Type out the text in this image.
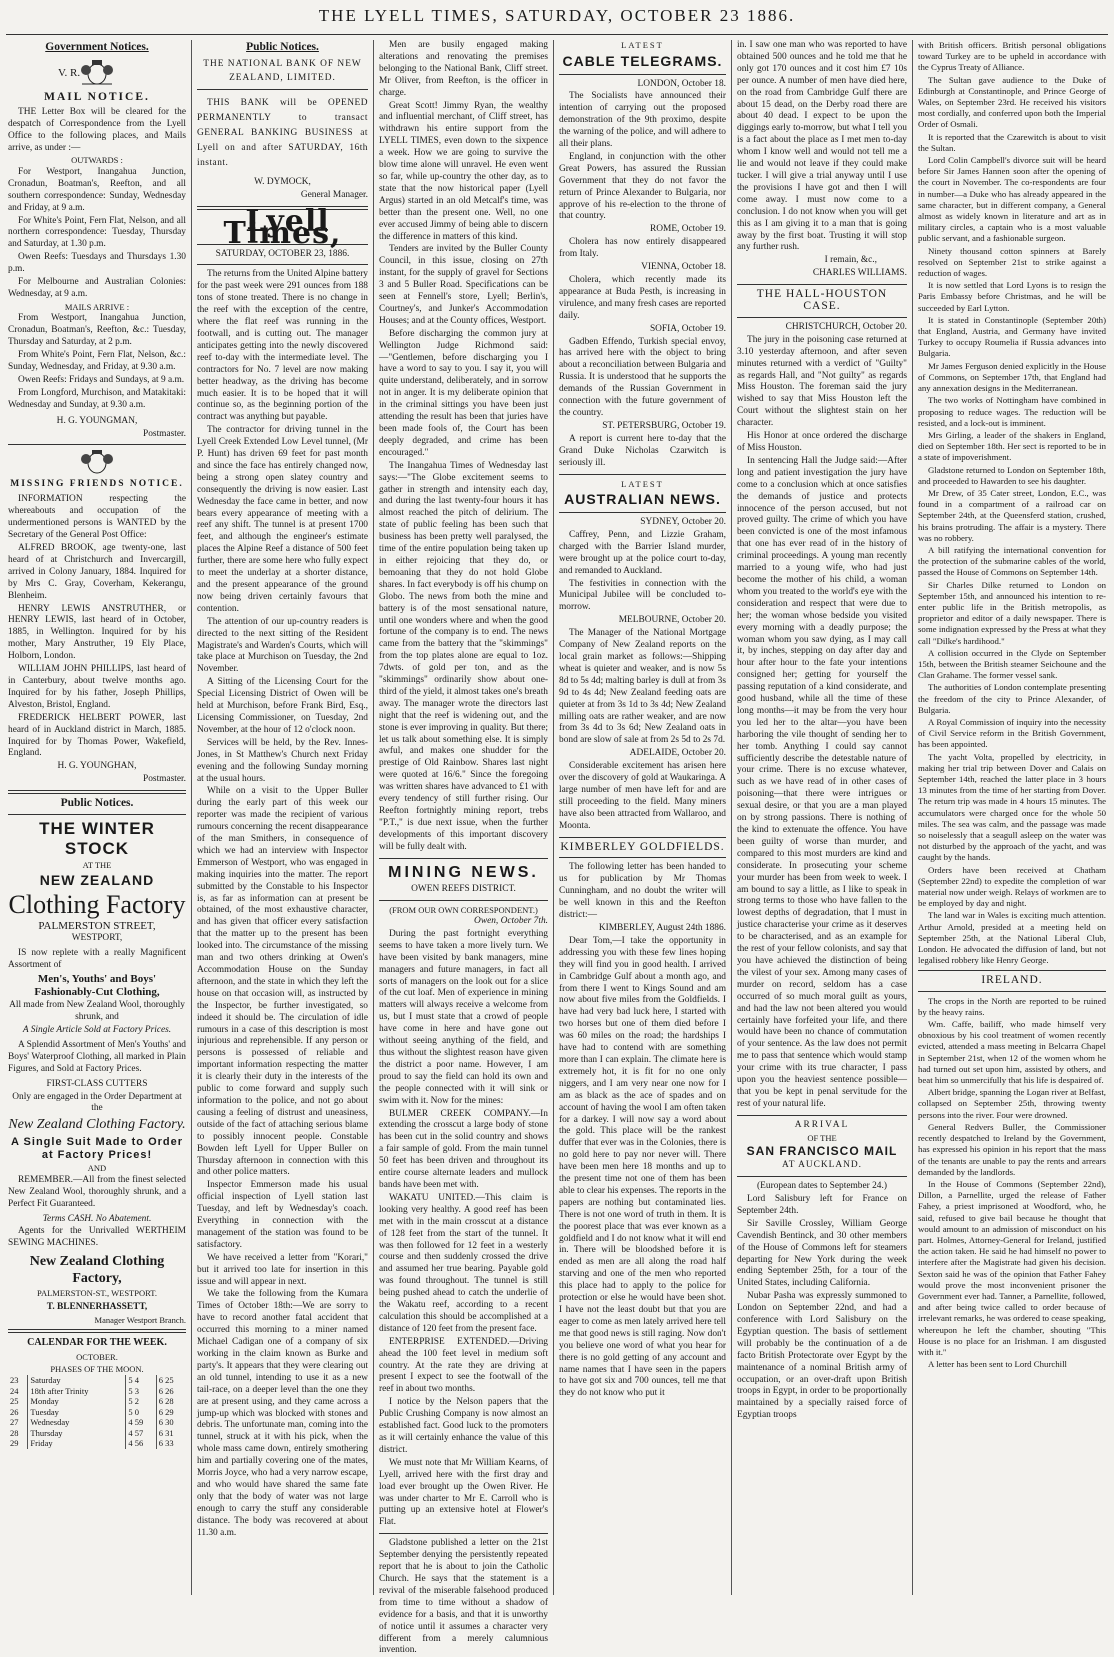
THE LYELL TIMES, SATURDAY, OCTOBER 23 1886.

Government Notices.

V. R.

MAIL NOTICE.

THE Letter Box will be cleared for the despatch of Correspondence from the Lyell Office to the following places, and Mails arrive, as under :—

OUTWARDS :

For Westport, Inangahua Junction, Cronadun, Boatman's, Reefton, and all southern correspondence: Sunday, Wednesday and Friday, at 9 a.m.

For White's Point, Fern Flat, Nelson, and all northern correspondence: Tuesday, Thursday and Saturday, at 1.30 p.m.

Owen Reefs: Tuesdays and Thursdays 1.30 p.m.

For Melbourne and Australian Colonies: Wednesday, at 9 a.m.

MAILS ARRIVE :

From Westport, Inangahua Junction, Cronadun, Boatman's, Reefton, &c.: Tuesday, Thursday and Saturday, at 2 p.m.

From White's Point, Fern Flat, Nelson, &c.: Sunday, Wednesday, and Friday, at 9.30 a.m.

Owen Reefs: Fridays and Sundays, at 9 a.m.

From Longford, Murchison, and Matakitaki: Wednesday and Sunday, at 9.30 a.m.

H. G. YOUNGMAN,

Postmaster.

MISSING FRIENDS NOTICE.

INFORMATION respecting the whereabouts and occupation of the undermentioned persons is WANTED by the Secretary of the General Post Office:

ALFRED BROOK, age twenty-one, last heard of at Christchurch and Invercargill, arrived in Colony January, 1884. Inquired for by Mrs C. Gray, Coverham, Kekerangu, Blenheim.

HENRY LEWIS ANSTRUTHER, or HENRY LEWIS, last heard of in October, 1885, in Wellington. Inquired for by his mother, Mary Anstruther, 19 Ely Place, Holborn, London.

WILLIAM JOHN PHILLIPS, last heard of in Canterbury, about twelve months ago. Inquired for by his father, Joseph Phillips, Alveston, Bristol, England.

FREDERICK HELBERT POWER, last heard of in Auckland district in March, 1885. Inquired for by Thomas Power, Wakefield, England.

H. G. YOUNGHAN,

Postmaster.

Public Notices.

THE WINTER STOCK

AT THE

NEW ZEALAND

Clothing Factory

PALMERSTON STREET,

WESTPORT,

IS now replete with a really Magnificent Assortment of

Men's, Youths' and Boys' Fashionably-Cut Clothing,

All made from New Zealand Wool, thoroughly shrunk, and

A Single Article Sold at Factory Prices.

A Splendid Assortment of Men's Youths' and Boys' Waterproof Clothing, all marked in Plain Figures, and Sold at Factory Prices.

FIRST-CLASS CUTTERS

Only are engaged in the Order Department at the

New Zealand Clothing Factory.

A Single Suit Made to Order at Factory Prices!

AND

REMEMBER.—All from the finest selected New Zealand Wool, thoroughly shrunk, and a Perfect Fit Guaranteed.

Terms CASH. No Abatement.

Agents for the Unrivalled WERTHEIM SEWING MACHINES.

New Zealand Clothing Factory,

PALMERSTON-ST., WESTPORT.

T. BLENNERHASSETT,

Manager Westport Branch.

CALENDAR FOR THE WEEK.

OCTOBER.

PHASES OF THE MOON.

23	Saturday	5 4	6 25
24	18th after Trinity	5 3	6 26
25	Monday	5 2	6 28
26	Tuesday	5 0	6 29
27	Wednesday	4 59	6 30
28	Thursday	4 57	6 31
29	Friday	4 56	6 33

Public Notices.

THE NATIONAL BANK OF NEW ZEALAND, LIMITED.

THIS BANK will be OPENED PERMANENTLY to transact GENERAL BANKING BUSINESS at Lyell on and after SATURDAY, 16th instant.

W. DYMOCK,

General Manager.

Lyell Times,

SATURDAY, OCTOBER 23, 1886.

The returns from the United Alpine battery for the past week were 291 ounces from 188 tons of stone treated. There is no change in the reef with the exception of the centre, where the flat reef was running in the footwall, and is cutting out. The manager anticipates getting into the newly discovered reef to-day with the intermediate level. The contractors for No. 7 level are now making better headway, as the driving has become much easier. It is to be hoped that it will continue so, as the beginning portion of the contract was anything but payable.

The contractor for driving tunnel in the Lyell Creek Extended Low Level tunnel, (Mr P. Hunt) has driven 69 feet for past month and since the face has entirely changed now, being a strong open slatey country and consequently the driving is now easier. Last Wednesday the face came in better, and now bears every appearance of meeting with a reef any shift. The tunnel is at present 1700 feet, and although the engineer's estimate places the Alpine Reef a distance of 500 feet further, there are some here who fully expect to meet the underlay at a shorter distance, and the present appearance of the ground now being driven certainly favours that contention.

The attention of our up-country readers is directed to the next sitting of the Resident Magistrate's and Warden's Courts, which will take place at Murchison on Tuesday, the 2nd November.

A Sitting of the Licensing Court for the Special Licensing District of Owen will be held at Murchison, before Frank Bird, Esq., Licensing Commissioner, on Tuesday, 2nd November, at the hour of 12 o'clock noon.

Services will be held, by the Rev. Innes-Jones, in St Matthew's Church next Friday evening and the following Sunday morning at the usual hours.

While on a visit to the Upper Buller during the early part of this week our reporter was made the recipient of various rumours concerning the recent disappearance of the man Smithers, in consequence of which we had an interview with Inspector Emmerson of Westport, who was engaged in making inquiries into the matter. The report submitted by the Constable to his Inspector is, as far as information can at present be obtained, of the most exhaustive character, and has given that officer every satisfaction that the matter up to the present has been looked into. The circumstance of the missing man and two others drinking at Owen's Accommodation House on the Sunday afternoon, and the state in which they left the house on that occasion will, as instructed by the Inspector, be further investigated, so indeed it should be. The circulation of idle rumours in a case of this description is most injurious and reprehensible. If any person or persons is possessed of reliable and important information respecting the matter it is clearly their duty in the interests of the public to come forward and supply such information to the police, and not go about causing a feeling of distrust and uneasiness, outside of the fact of attaching serious blame to possibly innocent people. Constable Bowden left Lyell for Upper Buller on Thursday afternoon in connection with this and other police matters.

Inspector Emmerson made his usual official inspection of Lyell station last Tuesday, and left by Wednesday's coach. Everything in connection with the management of the station was found to be satisfactory.

We have received a letter from "Korari," but it arrived too late for insertion in this issue and will appear in next.

We take the following from the Kumara Times of October 18th:—We are sorry to have to record another fatal accident that occurred this morning to a miner named Michael Cadigan one of a company of six working in the claim known as Burke and party's. It appears that they were clearing out an old tunnel, intending to use it as a new tail-race, on a deeper level than the one they are at present using, and they came across a jump-up which was blocked with stones and debris. The unfortunate man, coming into the tunnel, struck at it with his pick, when the whole mass came down, entirely smothering him and partially covering one of the mates, Morris Joyce, who had a very narrow escape, and who would have shared the same fate only that the body of water was not large enough to carry the stuff any considerable distance. The body was recovered at about 11.30 a.m.

Men are busily engaged making alterations and renovating the premises belonging to the National Bank, Cliff street. Mr Oliver, from Reefton, is the officer in charge.

Great Scott! Jimmy Ryan, the wealthy and influential merchant, of Cliff street, has withdrawn his entire support from the LYELL TIMES, even down to the sixpence a week. How we are going to survive the blow time alone will unravel. He even went so far, while up-country the other day, as to state that the now historical paper (Lyell Argus) started in an old Metcalf's time, was better than the present one. Well, no one ever accused Jimmy of being able to discern the difference in matters of this kind.

Tenders are invited by the Buller County Council, in this issue, closing on 27th instant, for the supply of gravel for Sections 3 and 5 Buller Road. Specifications can be seen at Fennell's store, Lyell; Berlin's, Courtney's, and Junker's Accommodation Houses; and at the County offices, Westport.

Before discharging the common jury at Wellington Judge Richmond said:—"Gentlemen, before discharging you I have a word to say to you. I say it, you will quite understand, deliberately, and in sorrow not in anger. It is my deliberate opinion that in the criminal sittings you have been just attending the result has been that juries have been made fools of, the Court has been deeply degraded, and crime has been encouraged."

The Inangahua Times of Wednesday last says:—"The Globe excitement seems to gather in strength and intensity each day, and during the last twenty-four hours it has almost reached the pitch of delirium. The state of public feeling has been such that business has been pretty well paralysed, the time of the entire population being taken up in either rejoicing that they do, or bemoaning that they do not hold Globe shares. In fact everybody is off his chump on Globo. The news from both the mine and battery is of the most sensational nature, until one wonders where and when the good fortune of the company is to end. The news came from the battery that the "skimmings" from the top plates alone are equal to 1oz. 7dwts. of gold per ton, and as the "skimmings" ordinarily show about one-third of the yield, it almost takes one's breath away. The manager wrote the directors last night that the reef is widening out, and the stone is ever improving in quality. But there; let us talk about something else. It is simply awful, and makes one shudder for the prestige of Old Rainbow. Shares last night were quoted at 16/6." Since the foregoing was written shares have advanced to £1 with every tendency of still further rising. Our Reefton fortnightly mining report, trebs "P.T.," is due next issue, when the further developments of this important discovery will be fully dealt with.

MINING NEWS.

OWEN REEFS DISTRICT.

(FROM OUR OWN CORRESPONDENT.)

Owen, October 7th.

During the past fortnight everything seems to have taken a more lively turn. We have been visited by bank managers, mine managers and future managers, in fact all sorts of managers on the look out for a slice of the cut loaf. Men of experience in mining matters will always receive a welcome from us, but I must state that a crowd of people have come in here and have gone out without seeing anything of the field, and thus without the slightest reason have given the district a poor name. However, I am proud to say the field can hold its own and the people connected with it will sink or swim with it. Now for the mines:

BULMER CREEK COMPANY.—In extending the crosscut a large body of stone has been cut in the solid country and shows a fair sample of gold. From the main tunnel 50 feet has been driven and throughout its entire course alternate leaders and mullock bands have been met with.

WAKATU UNITED.—This claim is looking very healthy. A good reef has been met with in the main crosscut at a distance of 128 feet from the start of the tunnel. It was then followed for 12 feet in a westerly course and then suddenly crossed the drive and assumed her true bearing. Payable gold was found throughout. The tunnel is still being pushed ahead to catch the underlie of the Wakatu reef, according to a recent calculation this should be accomplished at a distance of 120 feet from the present face.

ENTERPRISE EXTENDED.—Driving ahead the 100 feet level in medium soft country. At the rate they are driving at present I expect to see the footwall of the reef in about two months.

I notice by the Nelson papers that the Public Crushing Company is now almost an established fact. Good luck to the promoters as it will certainly enhance the value of this district.

We must note that Mr William Kearns, of Lyell, arrived here with the first dray and load ever brought up the Owen River. He was under charter to Mr E. Carroll who is putting up an extensive hotel at Flower's Flat.

Gladstone published a letter on the 21st September denying the persistently repeated report that he is about to join the Catholic Church. He says that the statement is a revival of the miserable falsehood produced from time to time without a shadow of evidence for a basis, and that it is unworthy of notice until it assumes a character very different from a merely calumnious invention.

LATEST

CABLE TELEGRAMS.

LONDON, October 18.

The Socialists have announced their intention of carrying out the proposed demonstration of the 9th proximo, despite the warning of the police, and will adhere to all their plans.

England, in conjunction with the other Great Powers, has assured the Russian Government that they do not favor the return of Prince Alexander to Bulgaria, nor approve of his re-election to the throne of that country.

ROME, October 19.

Cholera has now entirely disappeared from Italy.

VIENNA, October 18.

Cholera, which recently made its appearance at Buda Pesth, is increasing in virulence, and many fresh cases are reported daily.

SOFIA, October 19.

Gadben Effendo, Turkish special envoy, has arrived here with the object to bring about a reconciliation between Bulgaria and Russia. It is understood that he supports the demands of the Russian Government in connection with the future government of the country.

ST. PETERSBURG, October 19.

A report is current here to-day that the Grand Duke Nicholas Czarwitch is seriously ill.

LATEST

AUSTRALIAN NEWS.

SYDNEY, October 20.

Caffrey, Penn, and Lizzie Graham, charged with the Barrier Island murder, were brought up at the police court to-day, and remanded to Auckland.

The festivities in connection with the Municipal Jubilee will be concluded to-morrow.

MELBOURNE, October 20.

The Manager of the National Mortgage Company of New Zealand reports on the local grain market as follows:—Shipping wheat is quieter and weaker, and is now 5s 8d to 5s 4d; malting barley is dull at from 3s 9d to 4s 4d; New Zealand feeding oats are quieter at from 3s 1d to 3s 4d; New Zealand milling oats are rather weaker, and are now from 3s 4d to 3s 6d; New Zealand oats in bond are slow of sale at from 2s 5d to 2s 7d.

ADELAIDE, October 20.

Considerable excitement has arisen here over the discovery of gold at Waukaringa. A large number of men have left for and are still proceeding to the field. Many miners have also been attracted from Wallaroo, and Moonta.

KIMBERLEY GOLDFIELDS.

The following letter has been handed to us for publication by Mr Thomas Cunningham, and no doubt the writer will be well known in this and the Reefton district:—

KIMBERLEY, August 24th 1886.

Dear Tom,—I take the opportunity in addressing you with these few lines hoping they will find you in good health. I arrived in Cambridge Gulf about a month ago, and from there I went to Kings Sound and am now about five miles from the Goldfields. I have had very bad luck here, I started with two horses but one of them died before I was 60 miles on the road; the hardships I have had to contend with are something more than I can explain. The climate here is extremely hot, it is fit for no one only niggers, and I am very near one now for I am as black as the ace of spades and on account of having the wool I am often taken for a darkey. I will now say a word about the gold. This place will be the rankest duffer that ever was in the Colonies, there is no gold here to pay nor never will. There have been men here 18 months and up to the present time not one of them has been able to clear his expenses. The reports in the papers are nothing but contaminated lies. There is not one word of truth in them. It is the poorest place that was ever known as a goldfield and I do not know what it will end in. There will be bloodshed before it is ended as men are all along the road half starving and one of the men who reported this place had to apply to the police for protection or else he would have been shot. I have not the least doubt but that you are eager to come as men lately arrived here tell me that good news is still raging. Now don't you believe one word of what you hear for there is no gold getting of any account and name names that I have seen in the papers to have got six and 700 ounces, tell me that they do not know who put it

in. I saw one man who was reported to have obtained 500 ounces and he told me that he only got 170 ounces and it cost him £7 10s per ounce. A number of men have died here, on the road from Cambridge Gulf there are about 15 dead, on the Derby road there are about 40 dead. I expect to be upon the diggings early to-morrow, but what I tell you is a fact about the place as I met men to-day whom I know well and would not tell me a lie and would not leave if they could make tucker. I will give a trial anyway until I use the provisions I have got and then I will come away. I must now come to a conclusion. I do not know when you will get this as I am giving it to a man that is going away by the first boat. Trusting it will stop any further rush.

I remain, &c.,

CHARLES WILLIAMS.

THE HALL-HOUSTON CASE.

CHRISTCHURCH, October 20.

The jury in the poisoning case returned at 3.10 yesterday afternoon, and after seven minutes returned with a verdict of "Guilty" as regards Hall, and "Not guilty" as regards Miss Houston. The foreman said the jury wished to say that Miss Houston left the Court without the slightest stain on her character.

His Honor at once ordered the discharge of Miss Houston.

In sentencing Hall the Judge said:—After long and patient investigation the jury have come to a conclusion which at once satisfies the demands of justice and protects innocence of the person accused, but not proved guilty. The crime of which you have been convicted is one of the most infamous that one has ever read of in the history of criminal proceedings. A young man recently married to a young wife, who had just become the mother of his child, a woman whom you treated to the world's eye with the consideration and respect that were due to her; the woman whose bedside you visited every morning with a deadly purpose; the woman whom you saw dying, as I may call it, by inches, stepping on day after day and hour after hour to the fate your intentions consigned her; getting for yourself the passing reputation of a kind considerate, and good husband, while all the time of these long months—it may be from the very hour you led her to the altar—you have been harboring the vile thought of sending her to her tomb. Anything I could say cannot sufficiently describe the detestable nature of your crime. There is no excuse whatever, such as we have read of in other cases of poisoning—that there were intrigues or sexual desire, or that you are a man played on by strong passions. There is nothing of the kind to extenuate the offence. You have been guilty of worse than murder, and compared to this most murders are kind and considerate. In prosecuting your scheme your murder has been from week to week. I am bound to say a little, as I like to speak in strong terms to those who have fallen to the lowest depths of degradation, that I must in justice characterise your crime as it deserves to be characterised, and as an example for the rest of your fellow colonists, and say that you have achieved the distinction of being the vilest of your sex. Among many cases of murder on record, seldom has a case occurred of so much moral guilt as yours, and had the law not been altered you would certainly have forfeited your life, and there would have been no chance of commutation of your sentence. As the law does not permit me to pass that sentence which would stamp your crime with its true character, I pass upon you the heaviest sentence possible—that you be kept in penal servitude for the rest of your natural life.

ARRIVAL

OF THE

SAN FRANCISCO MAIL

AT AUCKLAND.

(European dates to September 24.)

Lord Salisbury left for France on September 24th.

Sir Saville Crossley, William George Cavendish Bentinck, and 30 other members of the House of Commons left for steamers departing for New York during the week ending September 25th, for a tour of the United States, including California.

Nubar Pasha was expressly summoned to London on September 22nd, and had a conference with Lord Salisbury on the Egyptian question. The basis of settlement will probably be the continuation of a de facto British Protectorate over Egypt by the maintenance of a nominal British army of occupation, or an over-draft upon British troops in Egypt, in order to be proportionally maintained by a specially raised force of Egyptian troops

with British officers. British personal obligations toward Turkey are to be upheld in accordance with the Cyprus Treaty of Alliance.

The Sultan gave audience to the Duke of Edinburgh at Constantinople, and Prince George of Wales, on September 23rd. He received his visitors most cordially, and conferred upon both the Imperial Order of Osmali.

It is reported that the Czarewitch is about to visit the Sultan.

Lord Colin Campbell's divorce suit will be heard before Sir James Hannen soon after the opening of the court in November. The co-respondents are four in number—a Duke who has already appeared in the same character, but in different company, a General almost as widely known in literature and art as in military circles, a captain who is a most valuable public servant, and a fashionable surgeon.

Ninety thousand cotton spinners at Barely resolved on September 21st to strike against a reduction of wages.

It is now settled that Lord Lyons is to resign the Paris Embassy before Christmas, and he will be succeeded by Earl Lytton.

It is stated in Constantinople (September 20th) that England, Austria, and Germany have invited Turkey to occupy Roumelia if Russia advances into Bulgaria.

Mr James Ferguson denied explicitly in the House of Commons, on September 17th, that England had any annexation designs in the Mediterranean.

The two works of Nottingham have combined in proposing to reduce wages. The reduction will be resisted, and a lock-out is imminent.

Mrs Girling, a leader of the shakers in England, died on September 18th. Her sect is reported to be in a state of impoverishment.

Gladstone returned to London on September 18th, and proceeded to Hawarden to see his daughter.

Mr Drew, of 35 Cater street, London, E.C., was found in a compartment of a railroad car on September 24th, at the Queensferd station, crushed, his brains protruding. The affair is a mystery. There was no robbery.

A bill ratifying the international convention for the protection of the submarine cables of the world, passed the House of Commons on September 14th.

Sir Charles Dilke returned to London on September 15th, and announced his intention to re-enter public life in the British metropolis, as proprietor and editor of a daily newspaper. There is some indignation expressed by the Press at what they call "Dilke's hardihood."

A collision occurred in the Clyde on September 15th, between the British steamer Seichoune and the Clan Grahame. The former vessel sank.

The authorities of London contemplate presenting the freedom of the city to Prince Alexander, of Bulgaria.

A Royal Commission of inquiry into the necessity of Civil Service reform in the British Government, has been appointed.

The yacht Volta, propelled by electricity, in making her trial trip between Dover and Calais on September 14th, reached the latter place in 3 hours 13 minutes from the time of her starting from Dover. The return trip was made in 4 hours 15 minutes. The accumulators were charged once for the whole 50 miles. The sea was calm, and the passage was made so noiselessly that a seagull asleep on the water was not disturbed by the approach of the yacht, and was caught by the hands.

Orders have been received at Chatham (September 22nd) to expedite the completion of war material now under weigh. Relays of workmen are to be employed by day and night.

The land war in Wales is exciting much attention. Arthur Arnold, presided at a meeting held on September 25th, at the National Liberal Club, London. He advocated the diffusion of land, but not legalised robbery like Henry George.

IRELAND.

The crops in the North are reported to be ruined by the heavy rains.

Wm. Caffe, bailiff, who made himself very obnoxious by his cool treatment of women recently evicted, attended a mass meeting in Belcarra Chapel in September 21st, when 12 of the women whom he had turned out set upon him, assisted by others, and beat him so unmercifully that his life is despaired of.

Albert bridge, spanning the Logan river at Belfast, collapsed on September 25th, throwing twenty persons into the river. Four were drowned.

General Redvers Buller, the Commissioner recently despatched to Ireland by the Government, has expressed his opinion in his report that the mass of the tenants are unable to pay the rents and arrears demanded by the landlords.

In the House of Commons (September 22nd), Dillon, a Parnellite, urged the release of Father Fahey, a priest imprisoned at Woodford, who, he said, refused to give bail because he thought that would amount to an admission of misconduct on his part. Holmes, Attorney-General for Ireland, justified the action taken. He said he had himself no power to interfere after the Magistrate had given his decision. Sexton said he was of the opinion that Father Fahey would prove the most inconvenient prisoner the Government ever had. Tanner, a Parnellite, followed, and after being twice called to order because of irrelevant remarks, he was ordered to cease speaking, whereupon he left the chamber, shouting "This House is no place for an Irishman. I am disgusted with it."

A letter has been sent to Lord Churchill
